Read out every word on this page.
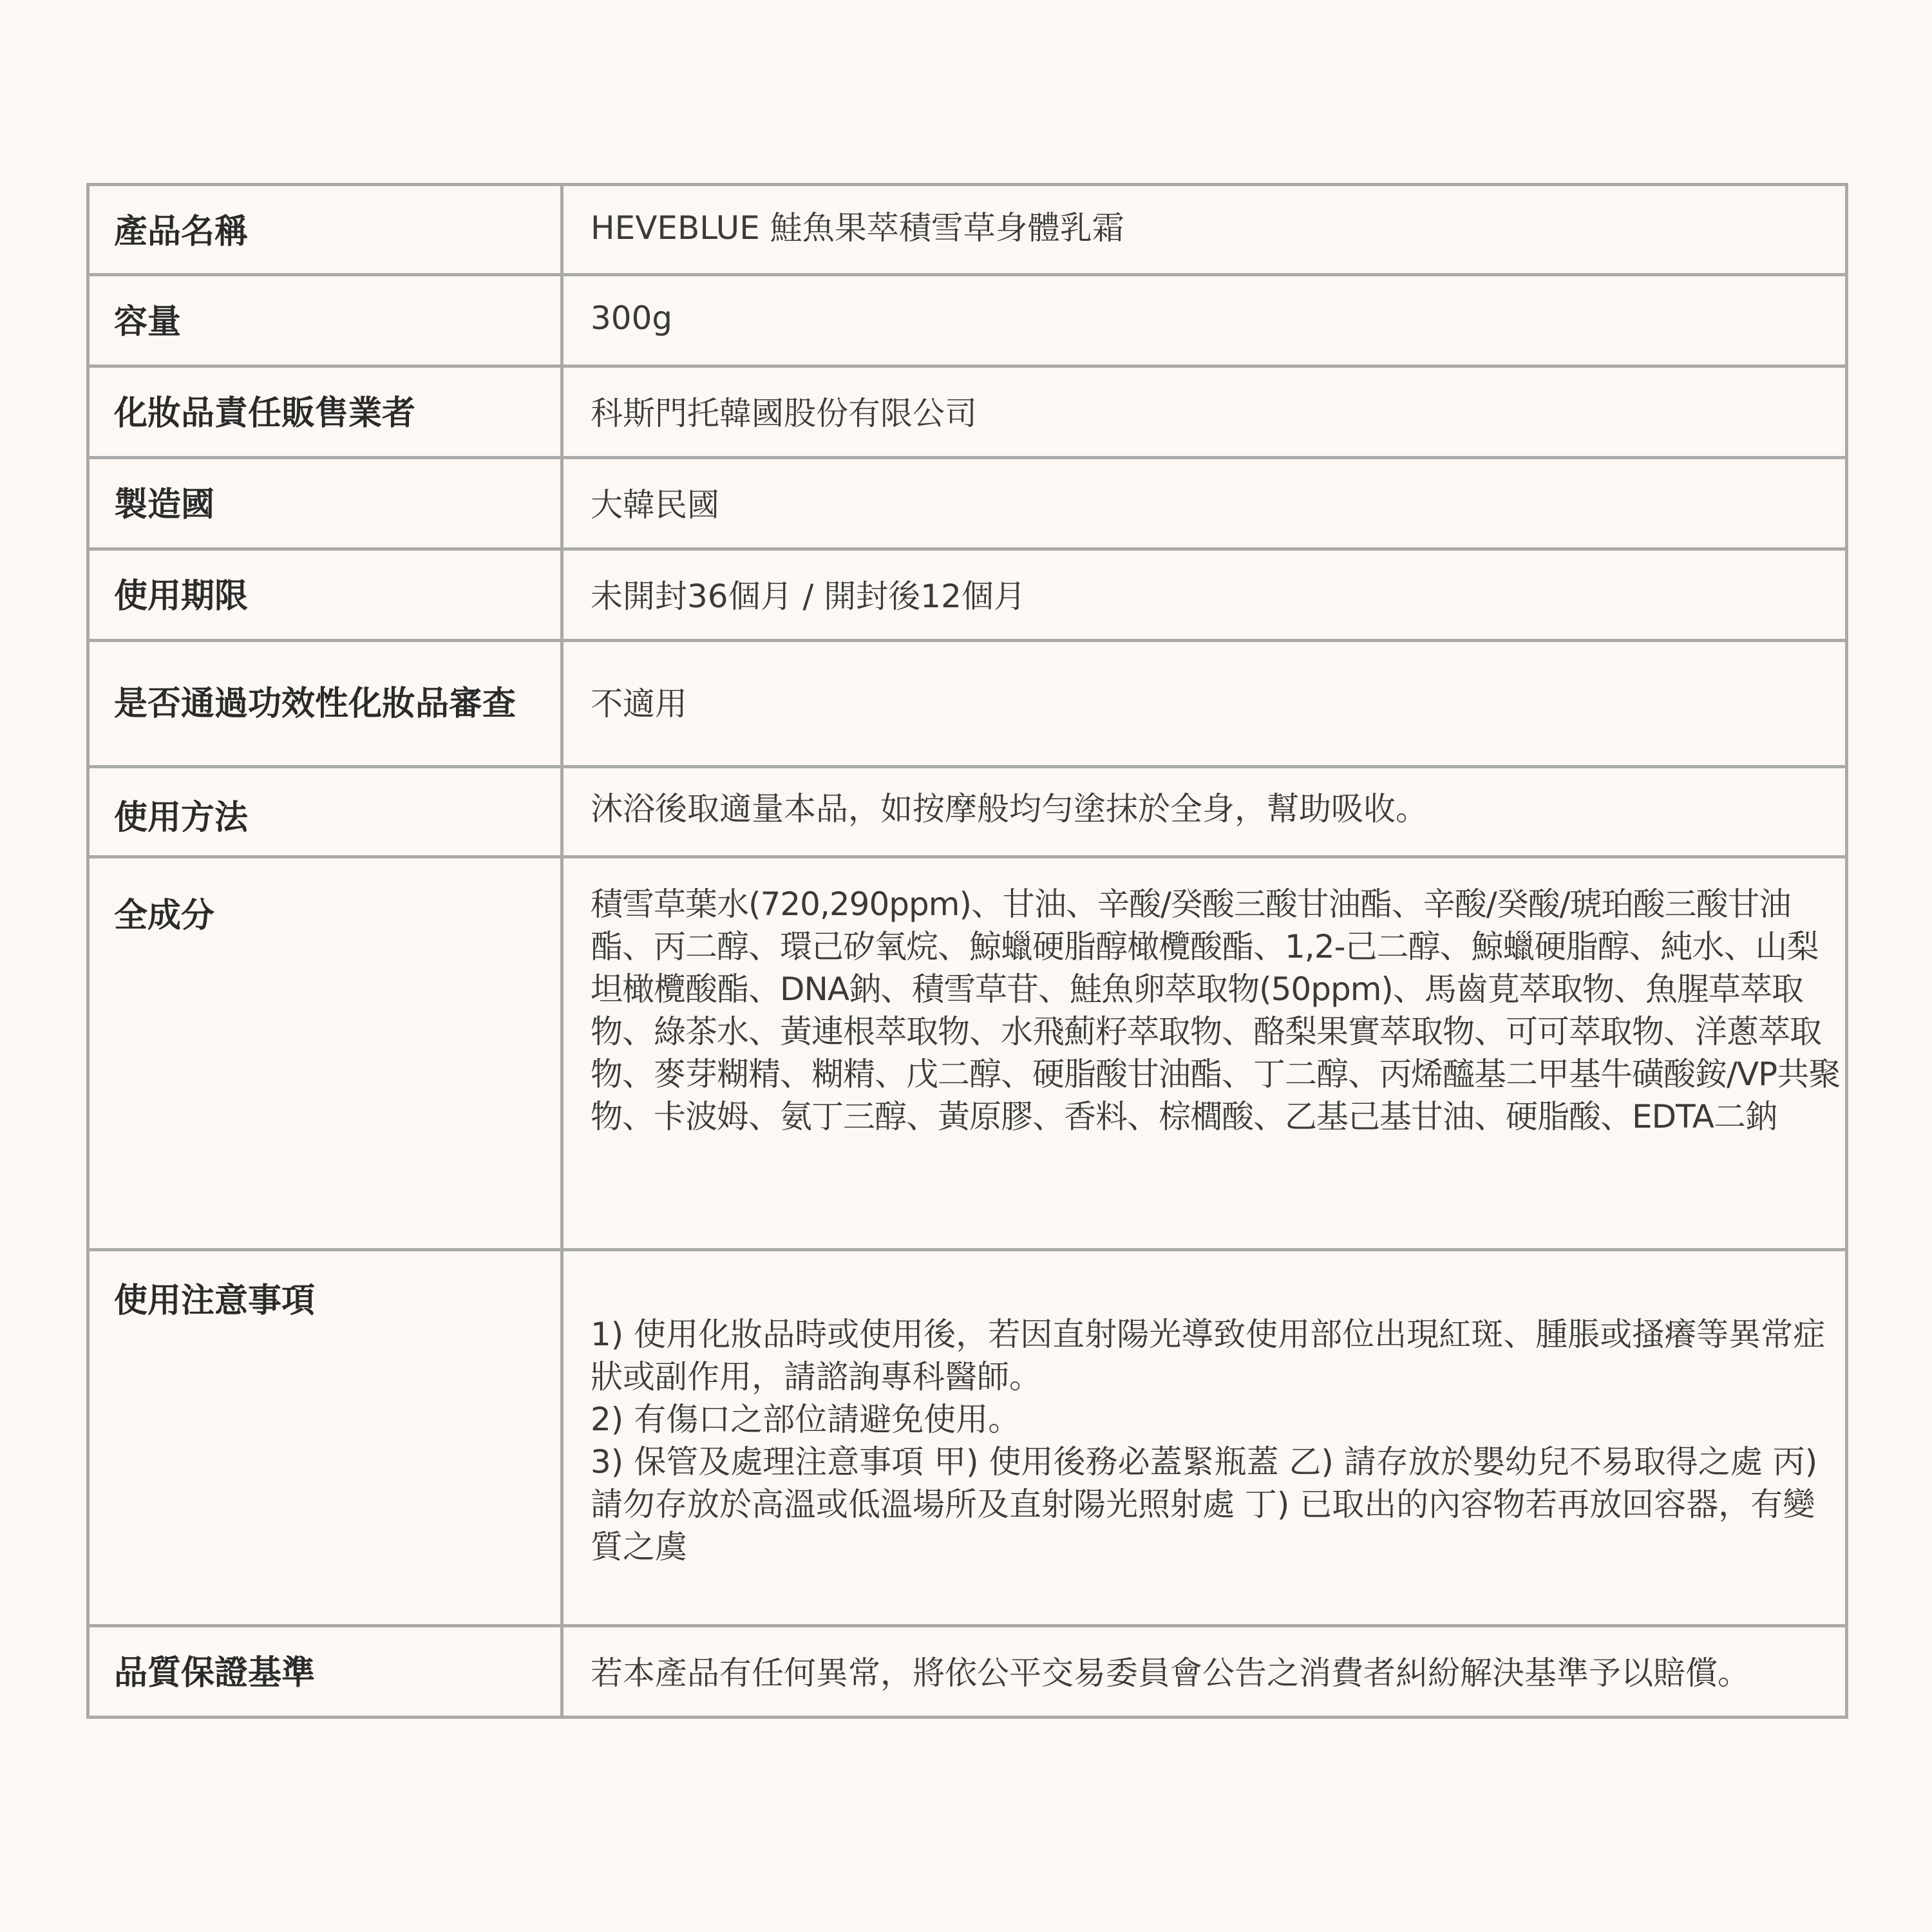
產品名稱	HEVEBLUE 鮭魚果萃積雪草身體乳霜
容量	300g
化妝品責任販售業者	科斯門托韓國股份有限公司
製造國	大韓民國
使用期限	未開封36個月 / 開封後12個月
是否通過功效性化妝品審查	不適用
使用方法	沐浴後取適量本品，如按摩般均勻塗抹於全身，幫助吸收。
全成分	積雪草葉水(720,290ppm)、甘油、辛酸/癸酸三酸甘油酯、辛酸/癸酸/琥珀酸三酸甘油酯、丙二醇、環己矽氧烷、鯨蠟硬脂醇橄欖酸酯、1,2-己二醇、鯨蠟硬脂醇、純水、山梨坦橄欖酸酯、DNA鈉、積雪草苷、鮭魚卵萃取物(50ppm)、馬齒莧萃取物、魚腥草萃取物、綠茶水、黃連根萃取物、水飛薊籽萃取物、酪梨果實萃取物、可可萃取物、洋蔥萃取物、麥芽糊精、糊精、戊二醇、硬脂酸甘油酯、丁二醇、丙烯醯基二甲基牛磺酸銨/VP共聚物、卡波姆、氨丁三醇、黃原膠、香料、棕櫚酸、乙基己基甘油、硬脂酸、EDTA二鈉
使用注意事項	1) 使用化妝品時或使用後，若因直射陽光導致使用部位出現紅斑、腫脹或搔癢等異常症狀或副作用，請諮詢專科醫師。

2) 有傷口之部位請避免使用。

3) 保管及處理注意事項 甲) 使用後務必蓋緊瓶蓋 乙) 請存放於嬰幼兒不易取得之處 丙) 請勿存放於高溫或低溫場所及直射陽光照射處 丁) 已取出的內容物若再放回容器，有變質之虞

品質保證基準	若本產品有任何異常，將依公平交易委員會公告之消費者糾紛解決基準予以賠償。
